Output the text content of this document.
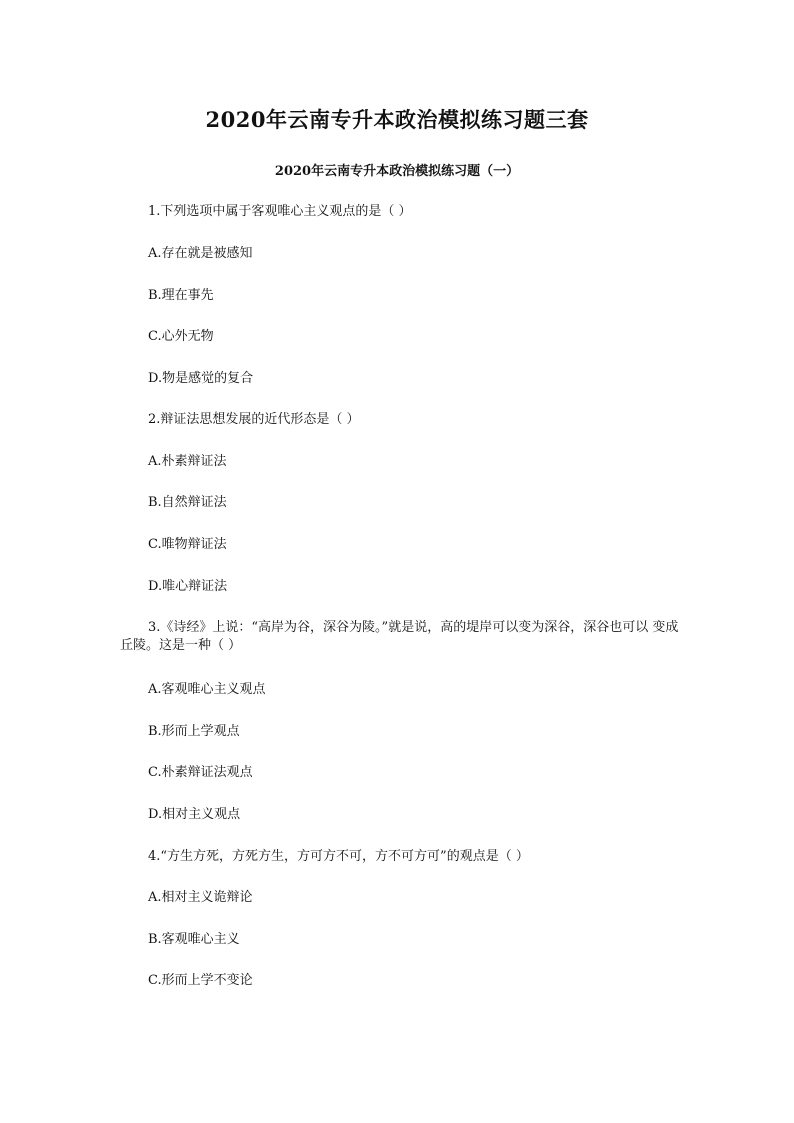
2020年云南专升本政治模拟练习题三套
2020年云南专升本政治模拟练习题（一）
1.下列选项中属于客观唯心主义观点的是（ ）
A.存在就是被感知
B.理在事先
C.心外无物
D.物是感觉的复合
2.辩证法思想发展的近代形态是（ ）
A.朴素辩证法
B.自然辩证法
C.唯物辩证法
D.唯心辩证法
3.《诗经》上说：“高岸为谷，深谷为陵。”就是说，高的堤岸可以变为深谷，深谷也可以 变成丘陵。这是一种（ ）
A.客观唯心主义观点
B.形而上学观点
C.朴素辩证法观点
D.相对主义观点
4.“方生方死，方死方生，方可方不可，方不可方可”的观点是（ ）
A.相对主义诡辩论
B.客观唯心主义
C.形而上学不变论
